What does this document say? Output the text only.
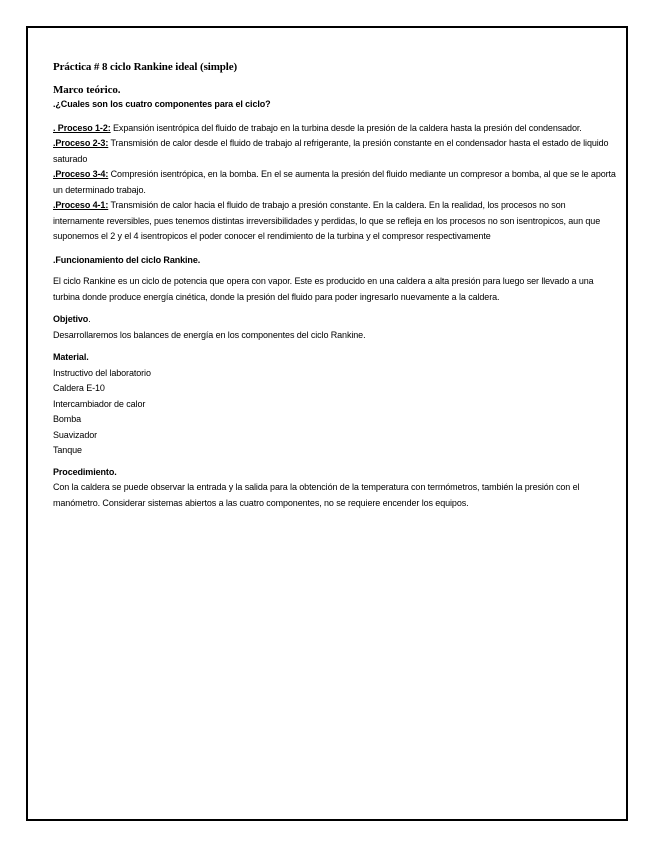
Práctica # 8 ciclo Rankine ideal (simple)

Marco teórico.

.¿Cuales son los cuatro componentes para el ciclo?

. Proceso 1-2: Expansión isentrópica del fluido de trabajo en la turbina desde la presión de la caldera hasta la presión del condensador.

.Proceso 2-3: Transmisión de calor desde el fluido de trabajo al refrigerante, la presión constante en el condensador hasta el estado de liquido saturado

.Proceso 3-4: Compresión isentrópica, en la bomba. En el se aumenta la presión del fluido mediante un compresor a bomba, al que se le aporta un determinado trabajo.

.Proceso 4-1: Transmisión de calor hacia el fluido de trabajo a presión constante. En la caldera. En la realidad, los procesos no son internamente reversibles, pues tenemos distintas irreversibilidades y perdidas, lo que se refleja en los procesos no son isentropicos, aun que suponemos el 2 y el 4 isentropicos el poder conocer el rendimiento de la turbina y el compresor respectivamente

.Funcionamiento del ciclo Rankine.

El ciclo Rankine es un ciclo de potencia que opera con vapor. Este es producido en una caldera a alta presión para luego ser llevado a una turbina donde produce energía cinética, donde la presión del fluido para poder ingresarlo nuevamente a la caldera.

Objetivo.

Desarrollaremos los balances de energía en los componentes del ciclo Rankine.

Material.

Instructivo del laboratorio

Caldera E-10

Intercambiador de calor

Bomba

Suavizador

Tanque

Procedimiento.

Con la caldera se puede observar la entrada y la salida para la obtención de la temperatura con termómetros, también la presión con el manómetro. Considerar sistemas abiertos a las cuatro componentes, no se requiere encender los equipos.
